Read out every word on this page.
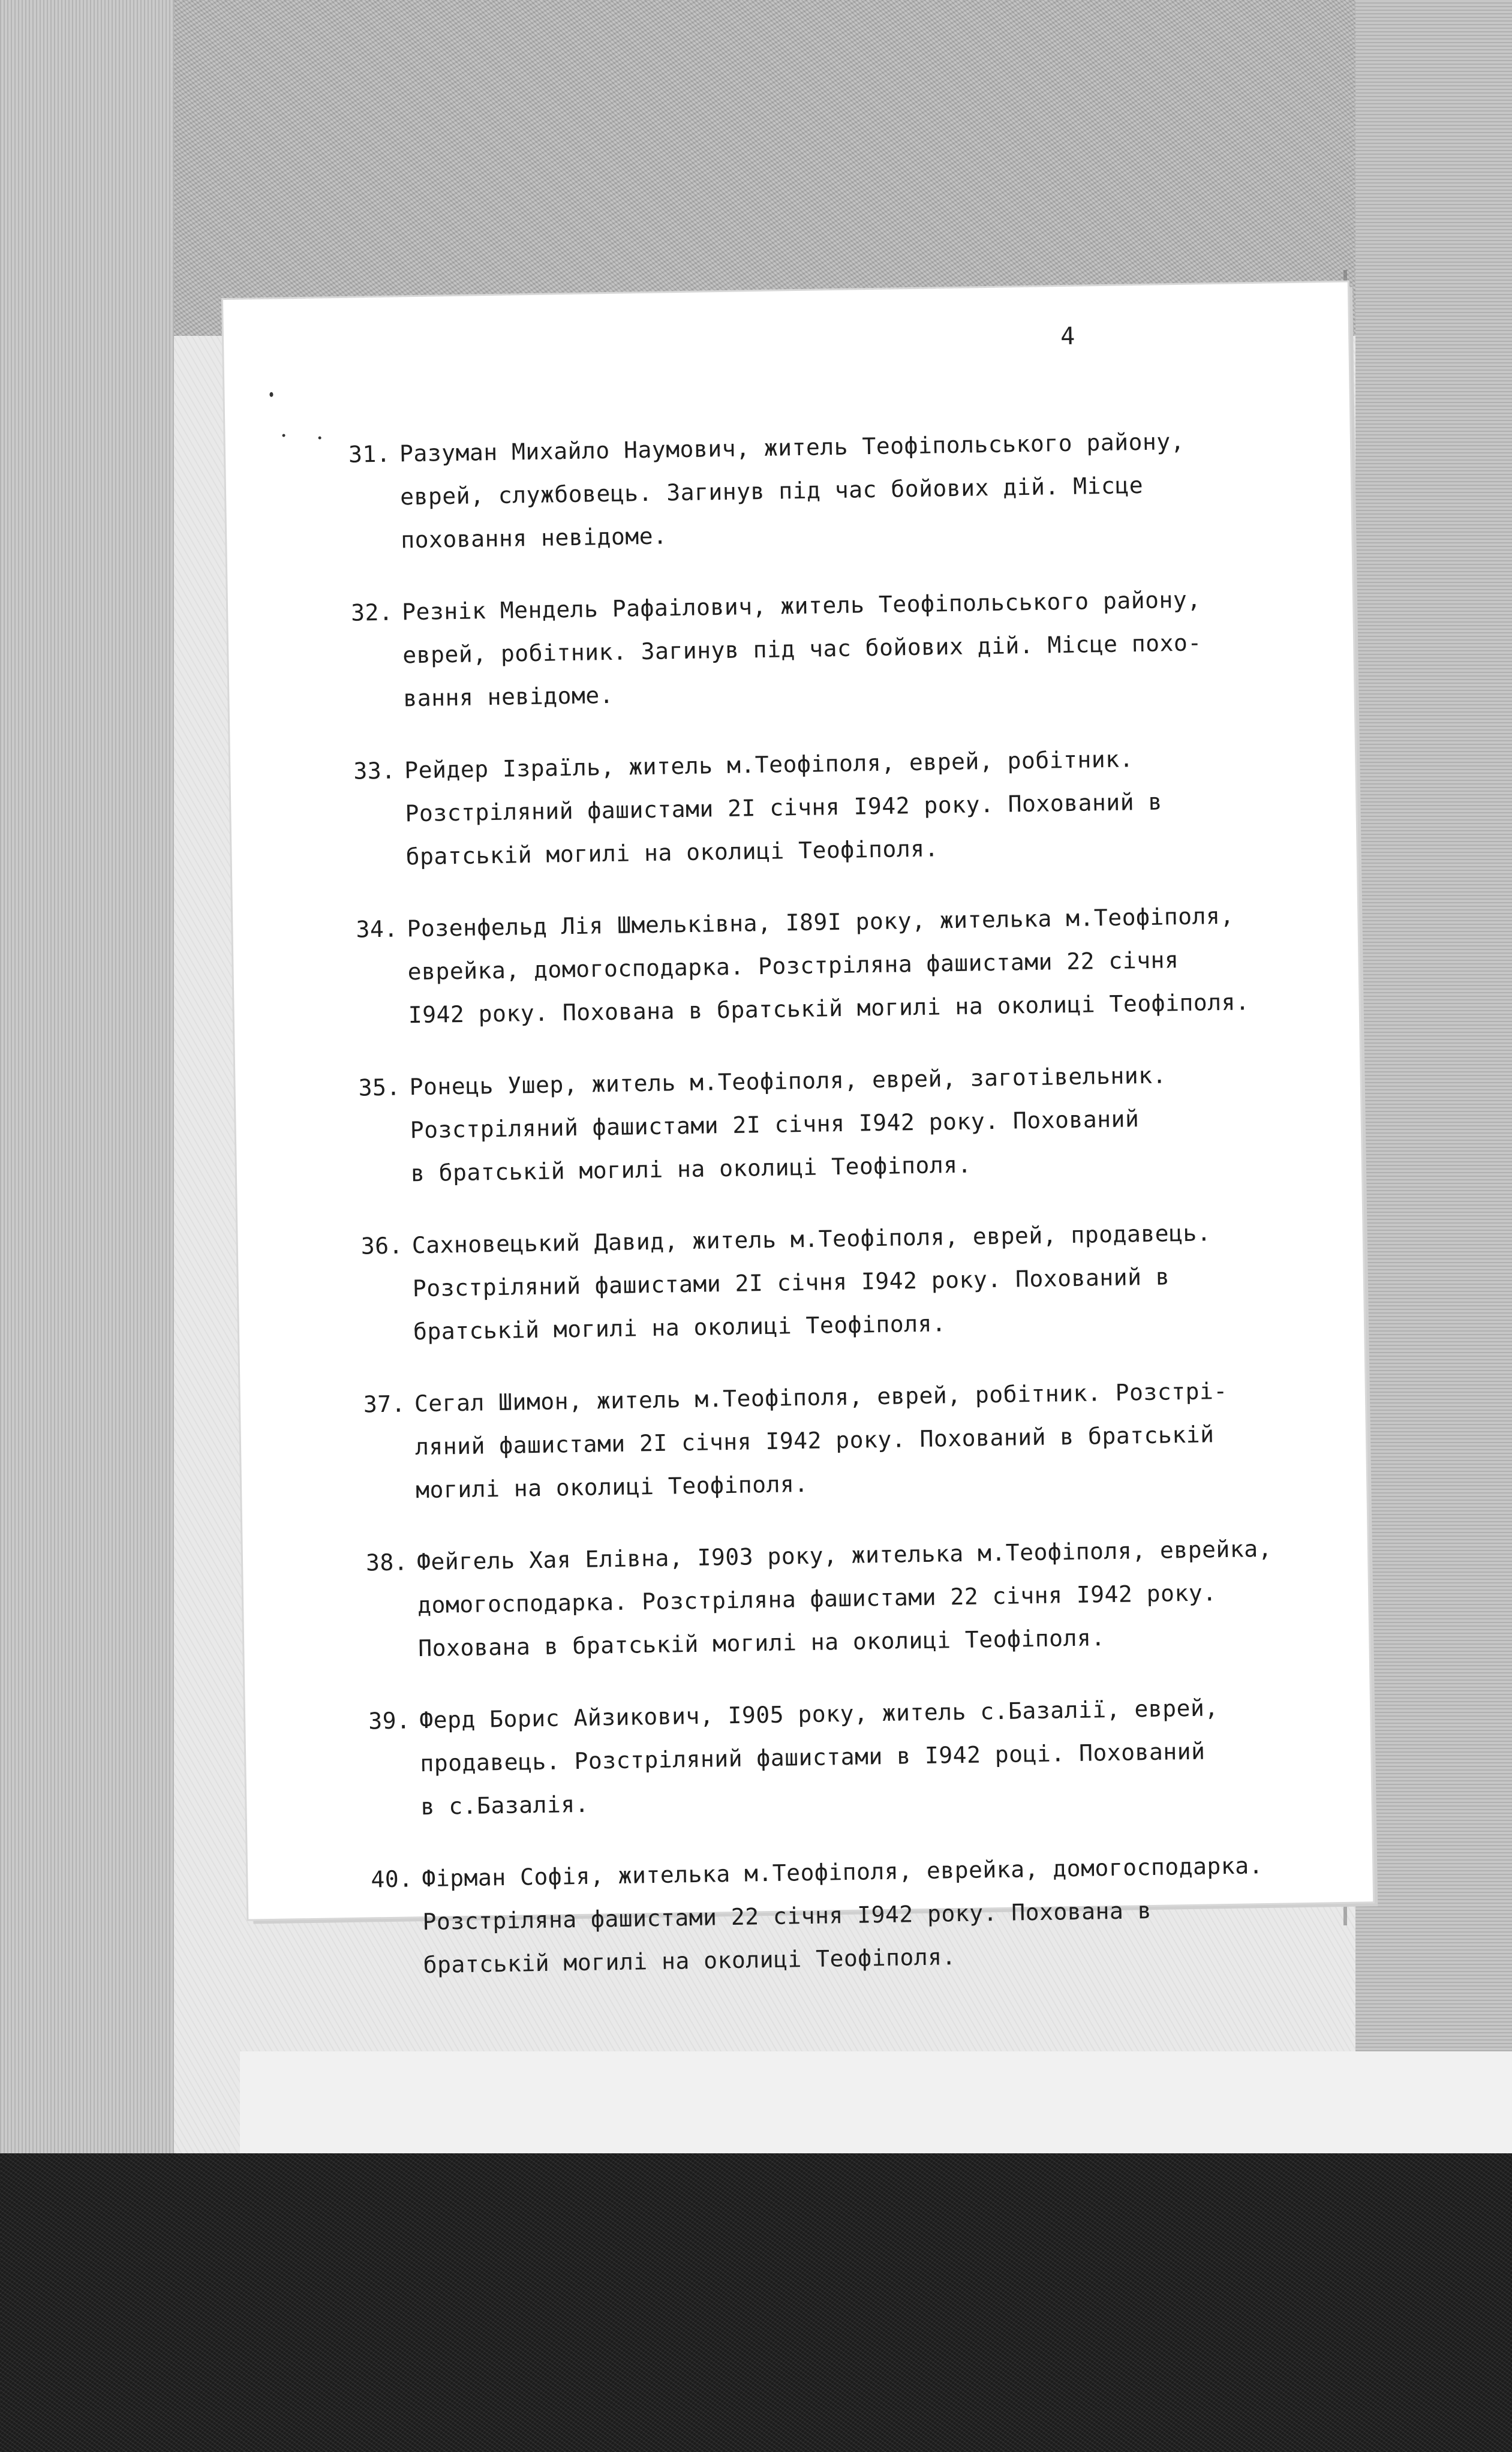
4
31. Разуман Михайло Наумович, житель Теофіпольського району,
еврей, службовець. Загинув під час бойових дій. Місце
поховання невідоме.
32. Резнік Мендель Рафаілович, житель Теофіпольського району,
еврей, робітник. Загинув під час бойових дій. Місце похо-
вання невідоме.
33. Рейдер Ізраїль, житель м.Теофіполя, еврей, робітник.
Розстріляний фашистами 2І січня І942 року. Похований в
братській могилі на околиці Теофіполя.
34. Розенфельд Лія Шмельківна, І89І року, жителька м.Теофіполя,
еврейка, домогосподарка. Розстріляна фашистами 22 січня
І942 року. Похована в братській могилі на околиці Теофіполя.
35. Ронець Ушер, житель м.Теофіполя, еврей, заготівельник.
Розстріляний фашистами 2І січня І942 року. Похований
в братській могилі на околиці Теофіполя.
36. Сахновецький Давид, житель м.Теофіполя, еврей, продавець.
Розстріляний фашистами 2І січня І942 року. Похований в
братській могилі на околиці Теофіполя.
37. Сегал Шимон, житель м.Теофіполя, еврей, робітник. Розстрі-
ляний фашистами 2І січня І942 року. Похований в братській
могилі на околиці Теофіполя.
38. Фейгель Хая Елівна, І903 року, жителька м.Теофіполя, еврейка,
домогосподарка. Розстріляна фашистами 22 січня І942 року.
Похована в братській могилі на околиці Теофіполя.
39. Ферд Борис Айзикович, І905 року, житель с.Базалії, еврей,
продавець. Розстріляний фашистами в І942 році. Похований
в с.Базалія.
40. Фірман Софія, жителька м.Теофіполя, еврейка, домогосподарка.
Розстріляна фашистами 22 січня І942 року. Похована в
братській могилі на околиці Теофіполя.
